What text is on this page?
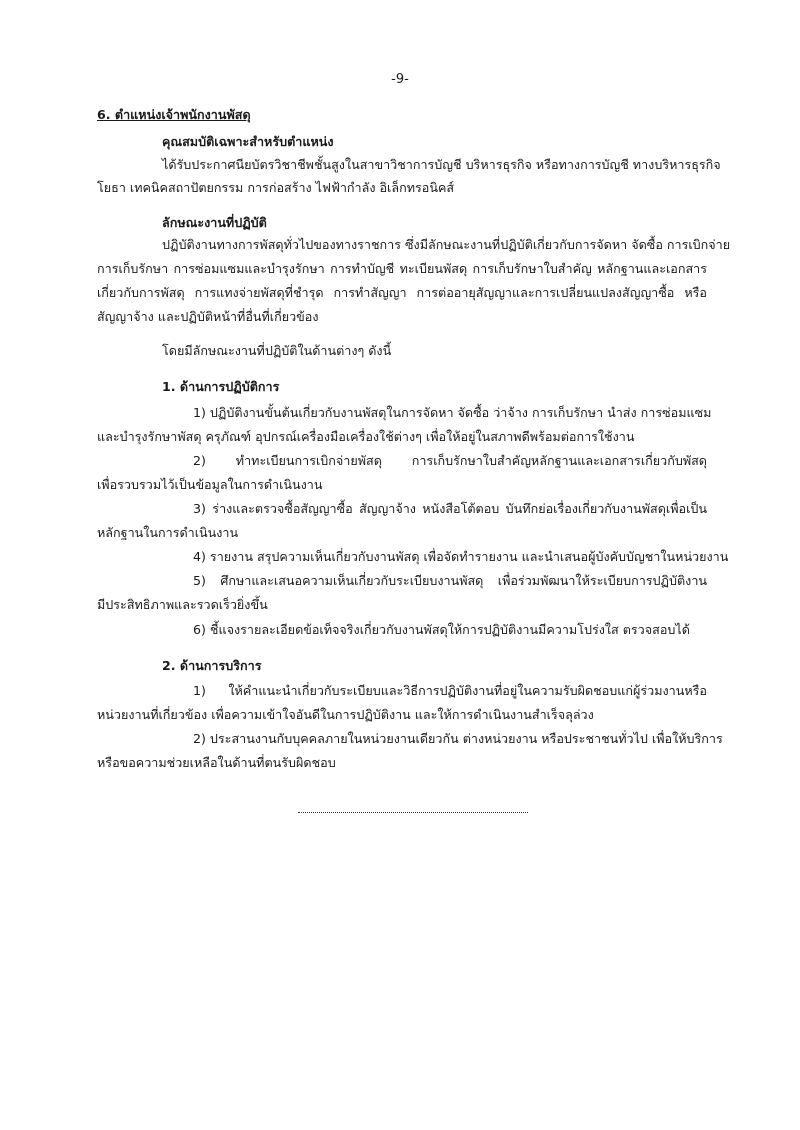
-9-
6. ตำแหน่งเจ้าพนักงานพัสดุ
คุณสมบัติเฉพาะสำหรับตำแหน่ง
ได้รับประกาศนียบัตรวิชาชีพชั้นสูงในสาขาวิชาการบัญชี บริหารธุรกิจ หรือทางการบัญชี ทางบริหารธุรกิจ
โยธา เทคนิคสถาปัตยกรรม การก่อสร้าง ไฟฟ้ากำลัง อิเล็กทรอนิคส์
ลักษณะงานที่ปฏิบัติ
ปฏิบัติงานทางการพัสดุทั่วไปของทางราชการ ซึ่งมีลักษณะงานที่ปฏิบัติเกี่ยวกับการจัดหา จัดซื้อ การเบิกจ่าย
การเก็บรักษา การซ่อมแซมและบำรุงรักษา การทำบัญชี ทะเบียนพัสดุ การเก็บรักษาใบสำคัญ หลักฐานและเอกสาร
เกี่ยวกับการพัสดุ การแทงจ่ายพัสดุที่ชำรุด การทำสัญญา การต่ออายุสัญญาและการเปลี่ยนแปลงสัญญาซื้อ หรือ
สัญญาจ้าง และปฏิบัติหน้าที่อื่นที่เกี่ยวข้อง
โดยมีลักษณะงานที่ปฏิบัติในด้านต่างๆ ดังนี้
1. ด้านการปฏิบัติการ
1) ปฏิบัติงานขั้นต้นเกี่ยวกับงานพัสดุในการจัดหา จัดซื้อ ว่าจ้าง การเก็บรักษา นำส่ง การซ่อมแซม
และบำรุงรักษาพัสดุ ครุภัณฑ์ อุปกรณ์เครื่องมือเครื่องใช้ต่างๆ เพื่อให้อยู่ในสภาพดีพร้อมต่อการใช้งาน
2) ทำทะเบียนการเบิกจ่ายพัสดุ การเก็บรักษาใบสำคัญหลักฐานและเอกสารเกี่ยวกับพัสดุ
เพื่อรวบรวมไว้เป็นข้อมูลในการดำเนินงาน
3) ร่างและตรวจซื้อสัญญาซื้อ สัญญาจ้าง หนังสือโต้ตอบ บันทึกย่อเรื่องเกี่ยวกับงานพัสดุเพื่อเป็น
หลักฐานในการดำเนินงาน
4) รายงาน สรุปความเห็นเกี่ยวกับงานพัสดุ เพื่อจัดทำรายงาน และนำเสนอผู้บังคับบัญชาในหน่วยงาน
5) ศึกษาและเสนอความเห็นเกี่ยวกับระเบียบงานพัสดุ เพื่อร่วมพัฒนาให้ระเบียบการปฏิบัติงาน
มีประสิทธิภาพและรวดเร็วยิ่งขึ้น
6) ชี้แจงรายละเอียดข้อเท็จจริงเกี่ยวกับงานพัสดุให้การปฏิบัติงานมีความโปร่งใส ตรวจสอบได้
2. ด้านการบริการ
1) ให้คำแนะนำเกี่ยวกับระเบียบและวิธีการปฏิบัติงานที่อยู่ในความรับผิดชอบแก่ผู้ร่วมงานหรือ
หน่วยงานที่เกี่ยวข้อง เพื่อความเข้าใจอันดีในการปฏิบัติงาน และให้การดำเนินงานสำเร็จลุล่วง
2) ประสานงานกับบุคคลภายในหน่วยงานเดียวกัน ต่างหน่วยงาน หรือประชาชนทั่วไป เพื่อให้บริการ
หรือขอความช่วยเหลือในด้านที่ตนรับผิดชอบ
